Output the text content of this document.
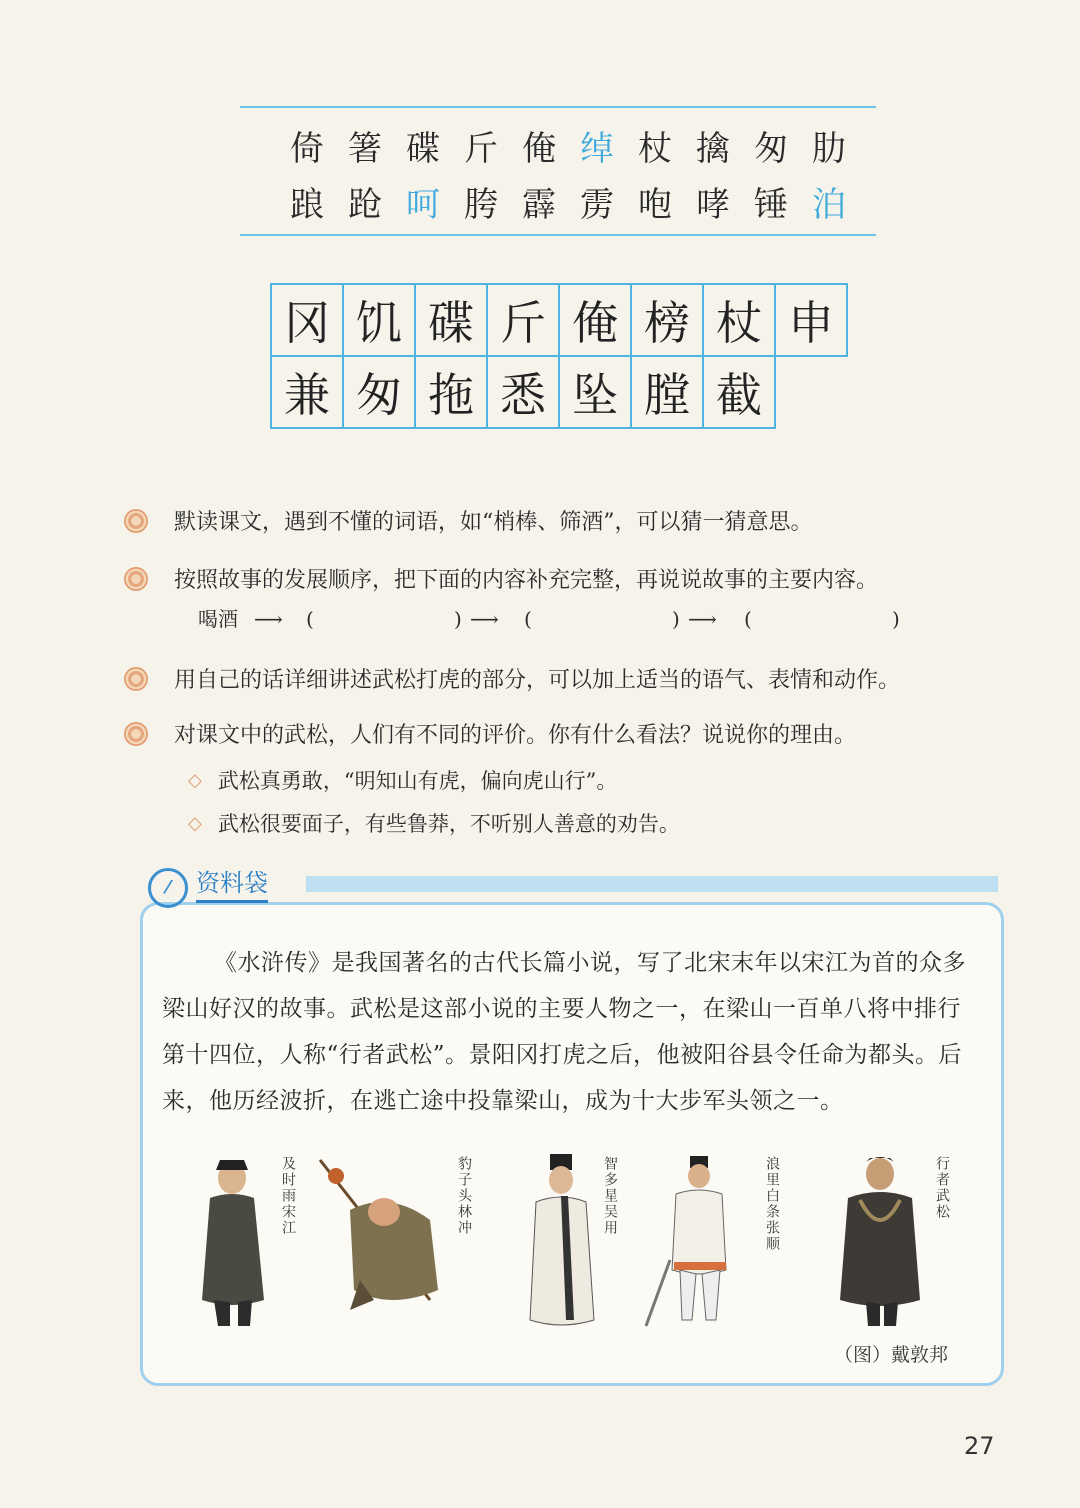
倚 箸 碟 斤 俺 绰 杖 擒 匆 肋
踉 跄 呵 胯 霹 雳 咆 哮 锤 泊
冈 饥 碟 斤 俺 榜 杖 申
兼 匆 拖 悉 坠 膛 截
默读课文，遇到不懂的词语，如“梢棒、筛酒”，可以猜一猜意思。
按照故事的发展顺序，把下面的内容补充完整，再说说故事的主要内容。
喝酒 ⟶ (	) ⟶ (	) ⟶ (	)
用自己的话详细讲述武松打虎的部分，可以加上适当的语气、表情和动作。
对课文中的武松，人们有不同的评价。你有什么看法？说说你的理由。
◇ 武松真勇敢，“明知山有虎，偏向虎山行”。
◇ 武松很要面子，有些鲁莽，不听别人善意的劝告。
⁄	资料袋
《水浒传》是我国著名的古代长篇小说，写了北宋末年以宋江为首的众多梁山好汉的故事。武松是这部小说的主要人物之一，在梁山一百单八将中排行第十四位，人称“行者武松”。景阳冈打虎之后，他被阳谷县令任命为都头。后来，他历经波折，在逃亡途中投靠梁山，成为十大步军头领之一。
及时雨宋江	豹子头林冲	智多星吴用	浪里白条张顺	行者武松
（图）戴敦邦
27
